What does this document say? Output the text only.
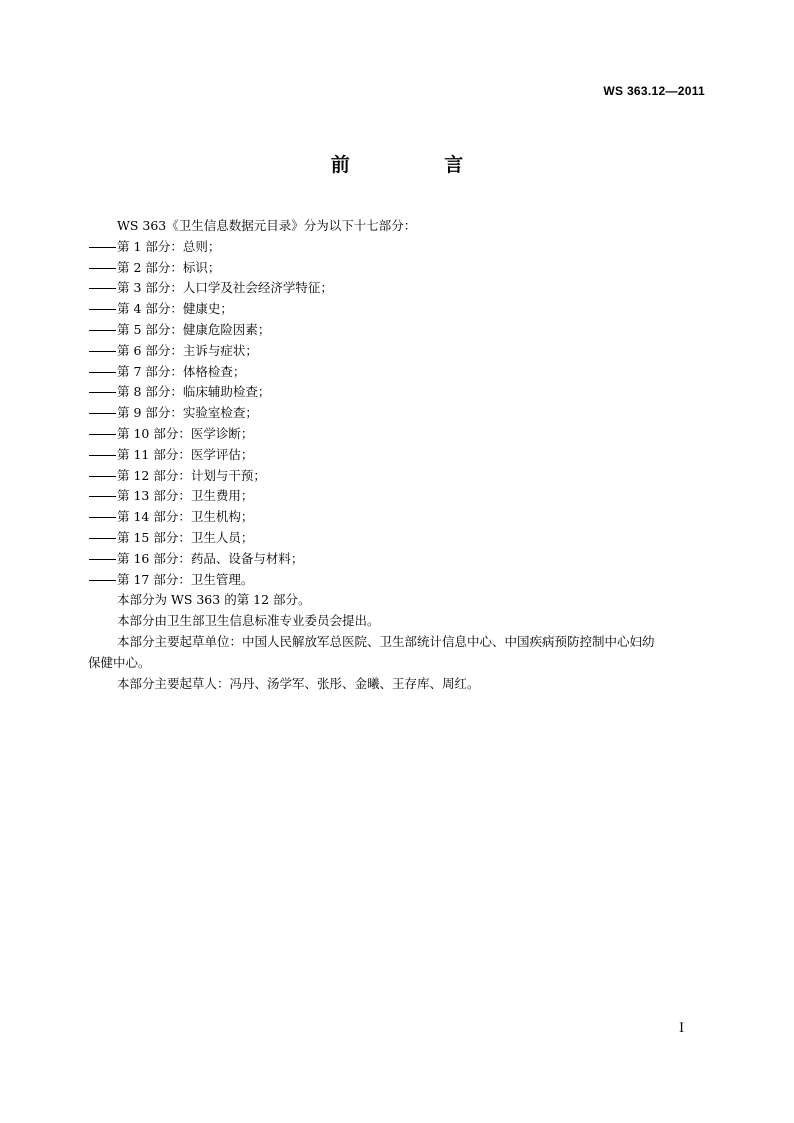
WS 363.12—2011
前 言
WS 363《卫生信息数据元目录》分为以下十七部分：
第 1 部分：总则；
第 2 部分：标识；
第 3 部分：人口学及社会经济学特征；
第 4 部分：健康史；
第 5 部分：健康危险因素；
第 6 部分：主诉与症状；
第 7 部分：体格检查；
第 8 部分：临床辅助检查；
第 9 部分：实验室检查；
第 10 部分：医学诊断；
第 11 部分：医学评估；
第 12 部分：计划与干预；
第 13 部分：卫生费用；
第 14 部分：卫生机构；
第 15 部分：卫生人员；
第 16 部分：药品、设备与材料；
第 17 部分：卫生管理。
本部分为 WS 363 的第 12 部分。
本部分由卫生部卫生信息标准专业委员会提出。
本部分主要起草单位：中国人民解放军总医院、卫生部统计信息中心、中国疾病预防控制中心妇幼
保健中心。
本部分主要起草人：冯丹、汤学军、张彤、金曦、王存库、周红。
I
